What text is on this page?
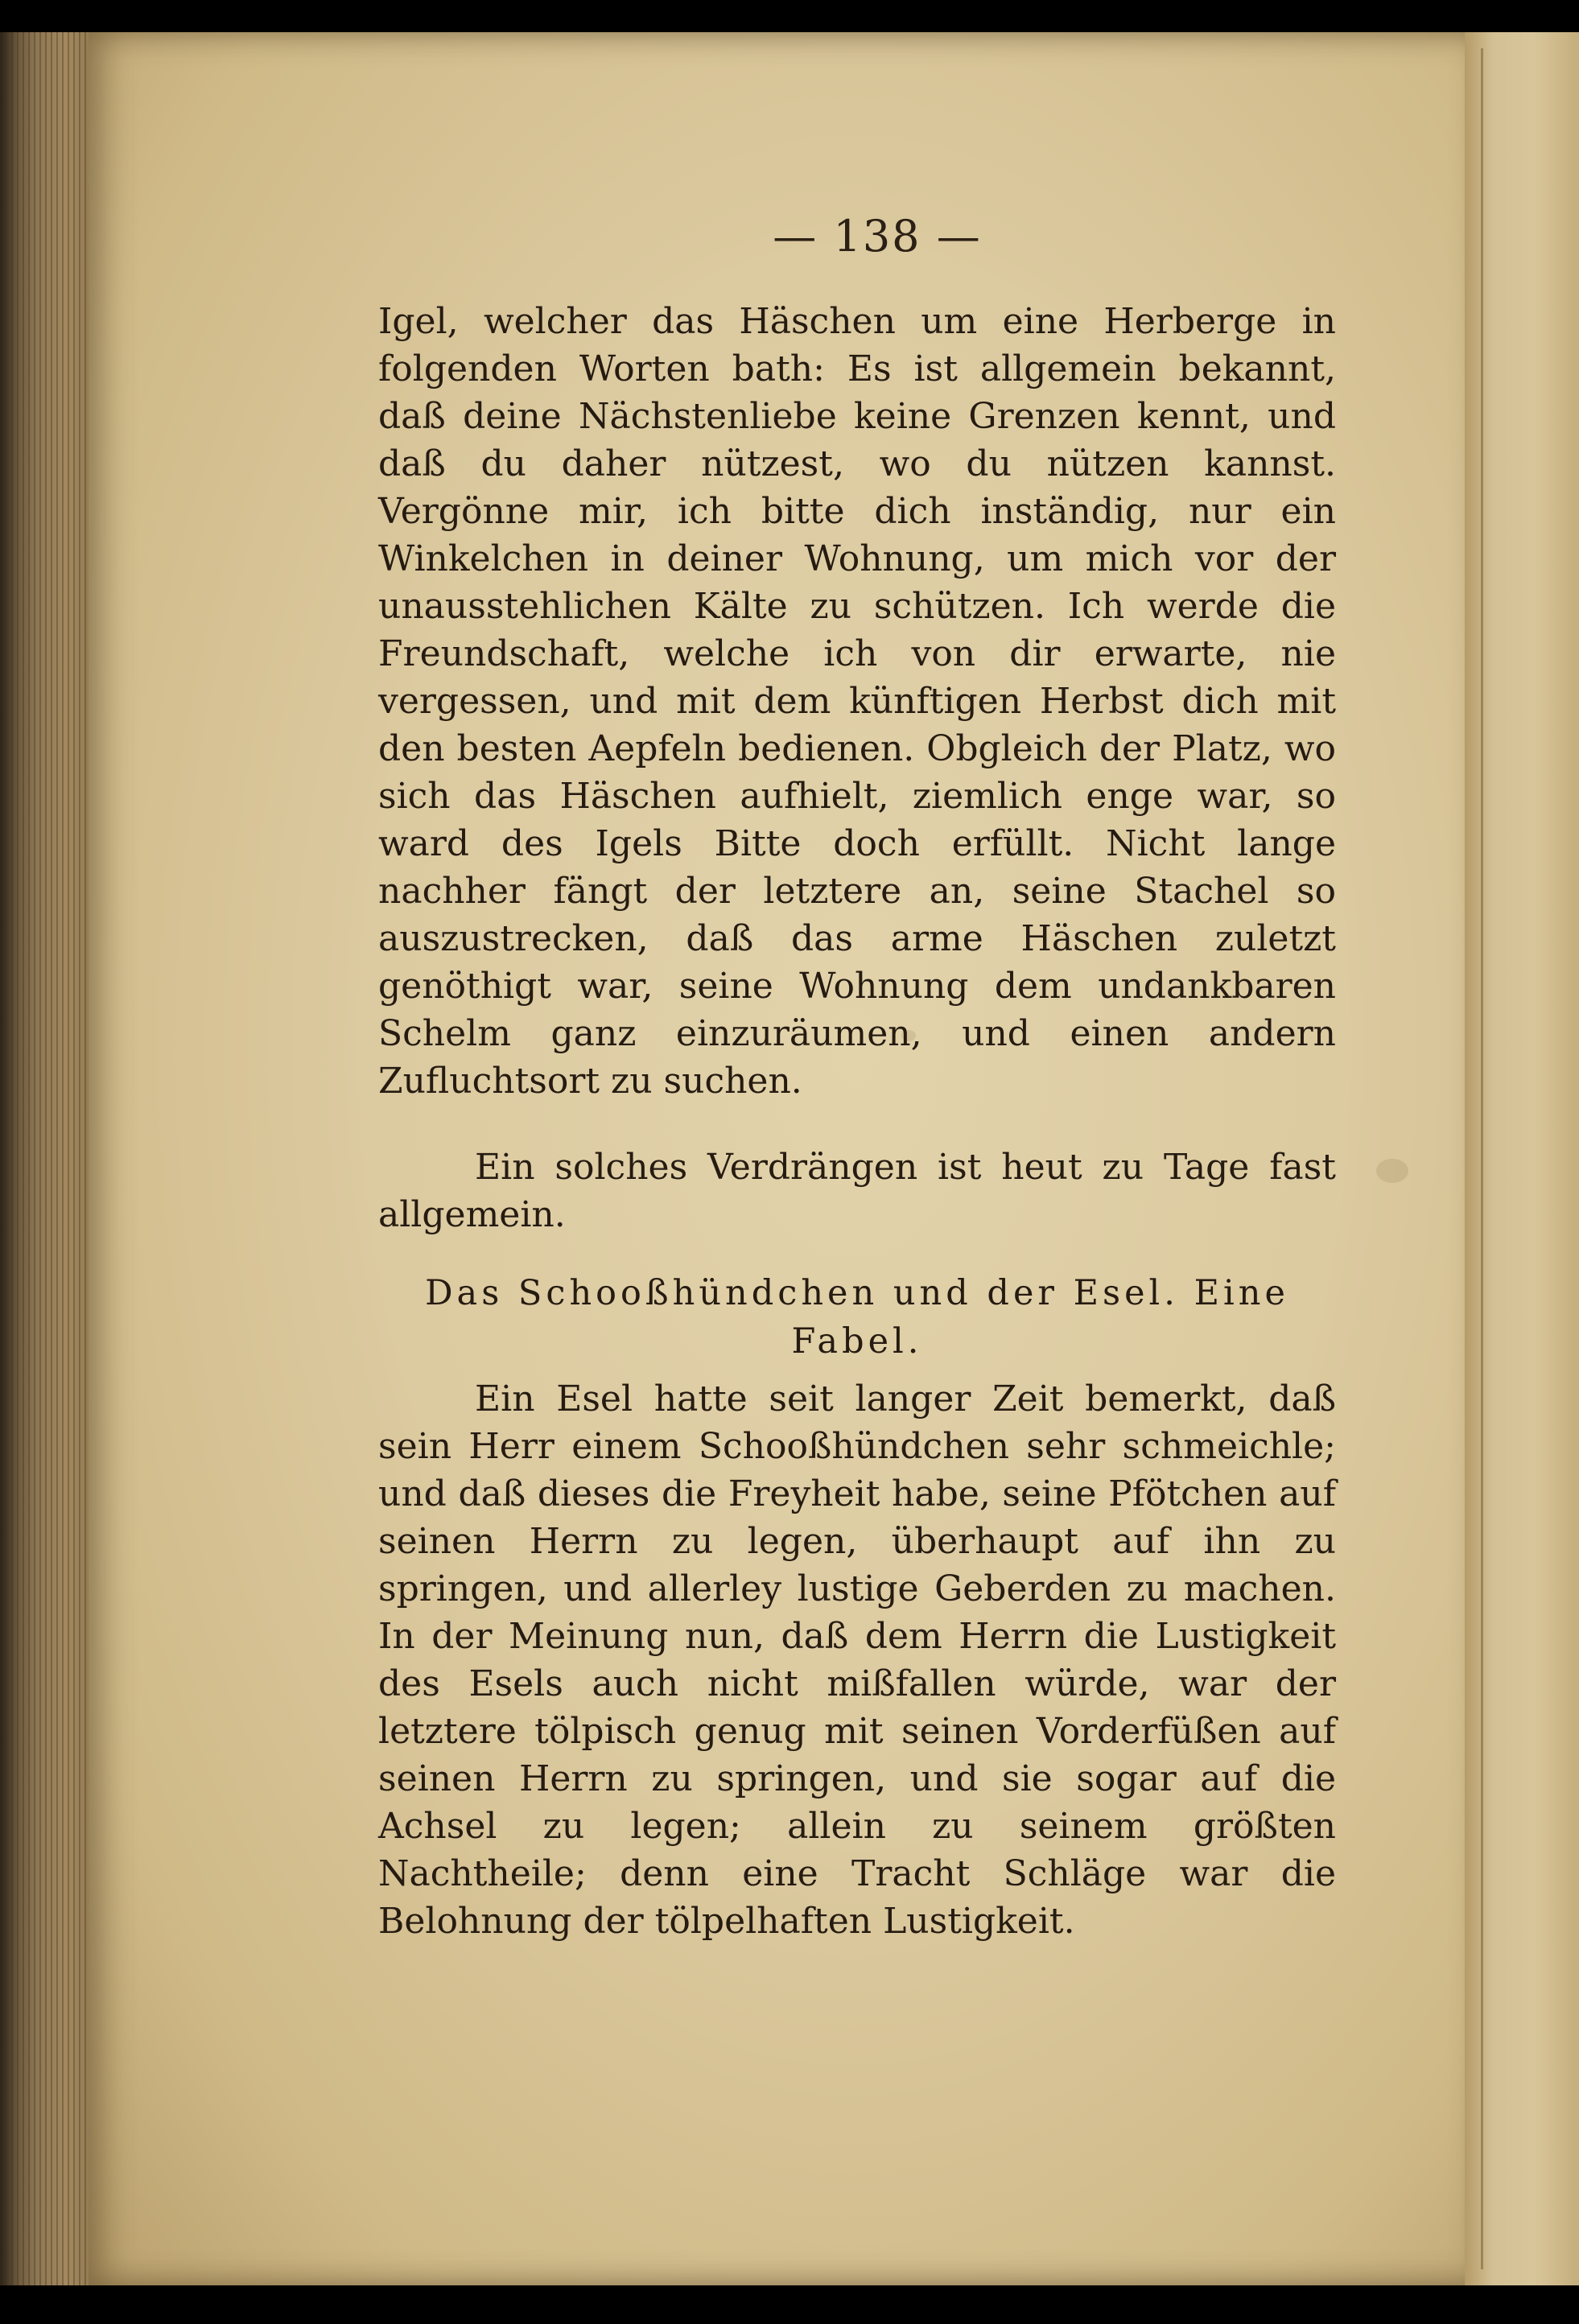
— 138 —

Igel, welcher das Häschen um eine Herberge in folgenden Worten bath: Es ist allgemein bekannt, daß deine Nächstenliebe keine Grenzen kennt, und daß du daher nützest, wo du nützen kannst. Vergönne mir, ich bitte dich inständig, nur ein Winkelchen in deiner Wohnung, um mich vor der unausstehlichen Kälte zu schützen. Ich werde die Freundschaft, welche ich von dir erwarte, nie vergessen, und mit dem künftigen Herbst dich mit den besten Aepfeln bedienen. Obgleich der Platz, wo sich das Häschen aufhielt, ziemlich enge war, so ward des Igels Bitte doch erfüllt. Nicht lange nachher fängt der letztere an, seine Stachel so auszustrecken, daß das arme Häschen zuletzt genöthigt war, seine Wohnung dem undankbaren Schelm ganz einzuräumen, und einen andern Zufluchtsort zu suchen.

Ein solches Verdrängen ist heut zu Tage fast allgemein.

Das Schooßhündchen und der Esel. Eine Fabel.

Ein Esel hatte seit langer Zeit bemerkt, daß sein Herr einem Schooßhündchen sehr schmeichle; und daß dieses die Freyheit habe, seine Pfötchen auf seinen Herrn zu legen, überhaupt auf ihn zu springen, und allerley lustige Geberden zu machen. In der Meinung nun, daß dem Herrn die Lustigkeit des Esels auch nicht mißfallen würde, war der letztere tölpisch genug mit seinen Vorderfüßen auf seinen Herrn zu springen, und sie sogar auf die Achsel zu legen; allein zu seinem größten Nachtheile; denn eine Tracht Schläge war die Belohnung der tölpelhaften Lustigkeit.
